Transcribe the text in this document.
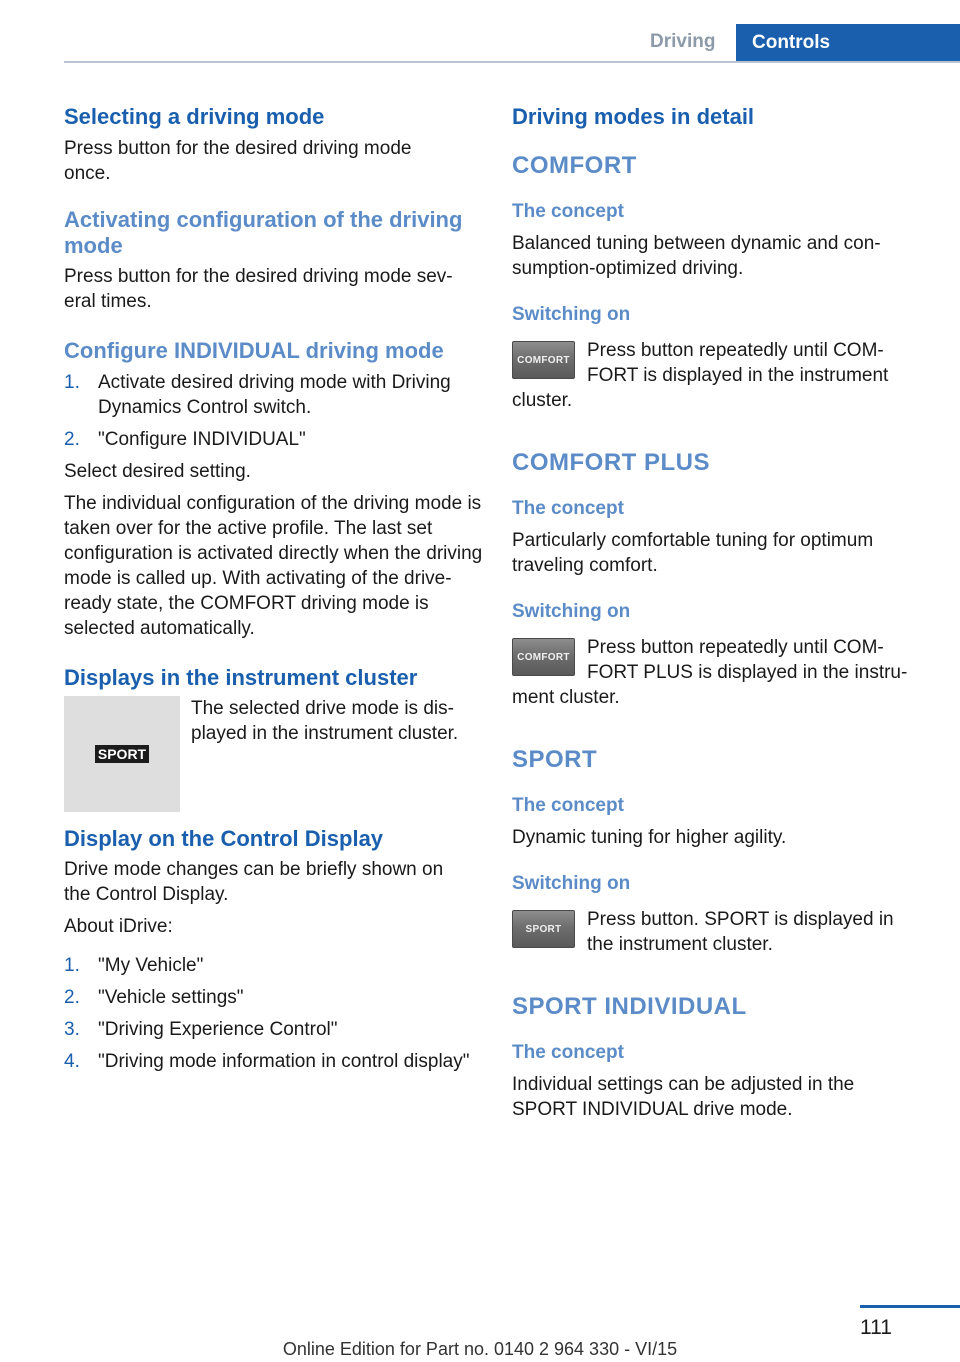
Driving	Controls
Selecting a driving mode
Press button for the desired driving mode once.
Activating configuration of the driving mode
Press button for the desired driving mode sev-eral times.
Configure INDIVIDUAL driving mode
1. Activate desired driving mode with Driving Dynamics Control switch.
2. "Configure INDIVIDUAL"
Select desired setting.
The individual configuration of the driving mode is taken over for the active profile. The last set configuration is activated directly when the driving mode is called up. With activating of the drive-ready state, the COMFORT driving mode is selected automatically.
Displays in the instrument cluster
SPORT
The selected drive mode is dis-played in the instrument cluster.
Display on the Control Display
Drive mode changes can be briefly shown on the Control Display.
About iDrive:
1. "My Vehicle"
2. "Vehicle settings"
3. "Driving Experience Control"
4. "Driving mode information in control display"
Driving modes in detail
COMFORT
The concept
Balanced tuning between dynamic and con-sumption-optimized driving.
Switching on
COMFORT Press button repeatedly until COM-
FORT is displayed in the instrument
cluster.
COMFORT PLUS
The concept
Particularly comfortable tuning for optimum traveling comfort.
Switching on
COMFORT Press button repeatedly until COM-
FORT PLUS is displayed in the instru-
ment cluster.
SPORT
The concept
Dynamic tuning for higher agility.
Switching on
SPORT	Press button. SPORT is displayed in
the instrument cluster.
SPORT INDIVIDUAL
The concept
Individual settings can be adjusted in the SPORT INDIVIDUAL drive mode.
111
Online Edition for Part no. 0140 2 964 330 - VI/15
